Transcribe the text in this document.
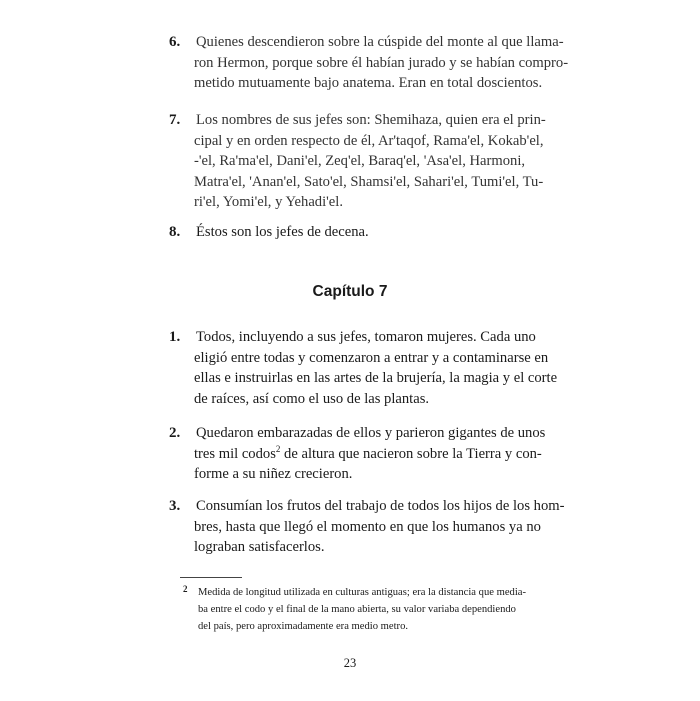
6.	Quienes descendieron sobre la cúspide del monte al que llama-
ron Hermon, porque sobre él habían jurado y se habían compro-
metido mutuamente bajo anatema. Eran en total doscientos.
7.	Los nombres de sus jefes son: Shemihaza, quien era el prin-
cipal y en orden respecto de él, Ar'taqof, Rama'el, Kokab'el,
-'el, Ra'ma'el, Dani'el, Zeq'el, Baraq'el, 'Asa'el, Harmoni,
Matra'el, 'Anan'el, Sato'el, Shamsi'el, Sahari'el, Tumi'el, Tu-
ri'el, Yomi'el, y Yehadi'el.
8.	Éstos son los jefes de decena.
Capítulo 7
1.	Todos, incluyendo a sus jefes, tomaron mujeres. Cada uno
eligió entre todas y comenzaron a entrar y a contaminarse en
ellas e instruirlas en las artes de la brujería, la magia y el corte
de raíces, así como el uso de las plantas.
2.	Quedaron embarazadas de ellos y parieron gigantes de unos
tres mil codos$^2$ de altura que nacieron sobre la Tierra y con-
forme a su niñez crecieron.
3.	Consumían los frutos del trabajo de todos los hijos de los hom-
bres, hasta que llegó el momento en que los humanos ya no
lograban satisfacerlos.
2 Medida de longitud utilizada en culturas antiguas; era la distancia que media-
ba entre el codo y el final de la mano abierta, su valor variaba dependiendo
del país, pero aproximadamente era medio metro.
23
